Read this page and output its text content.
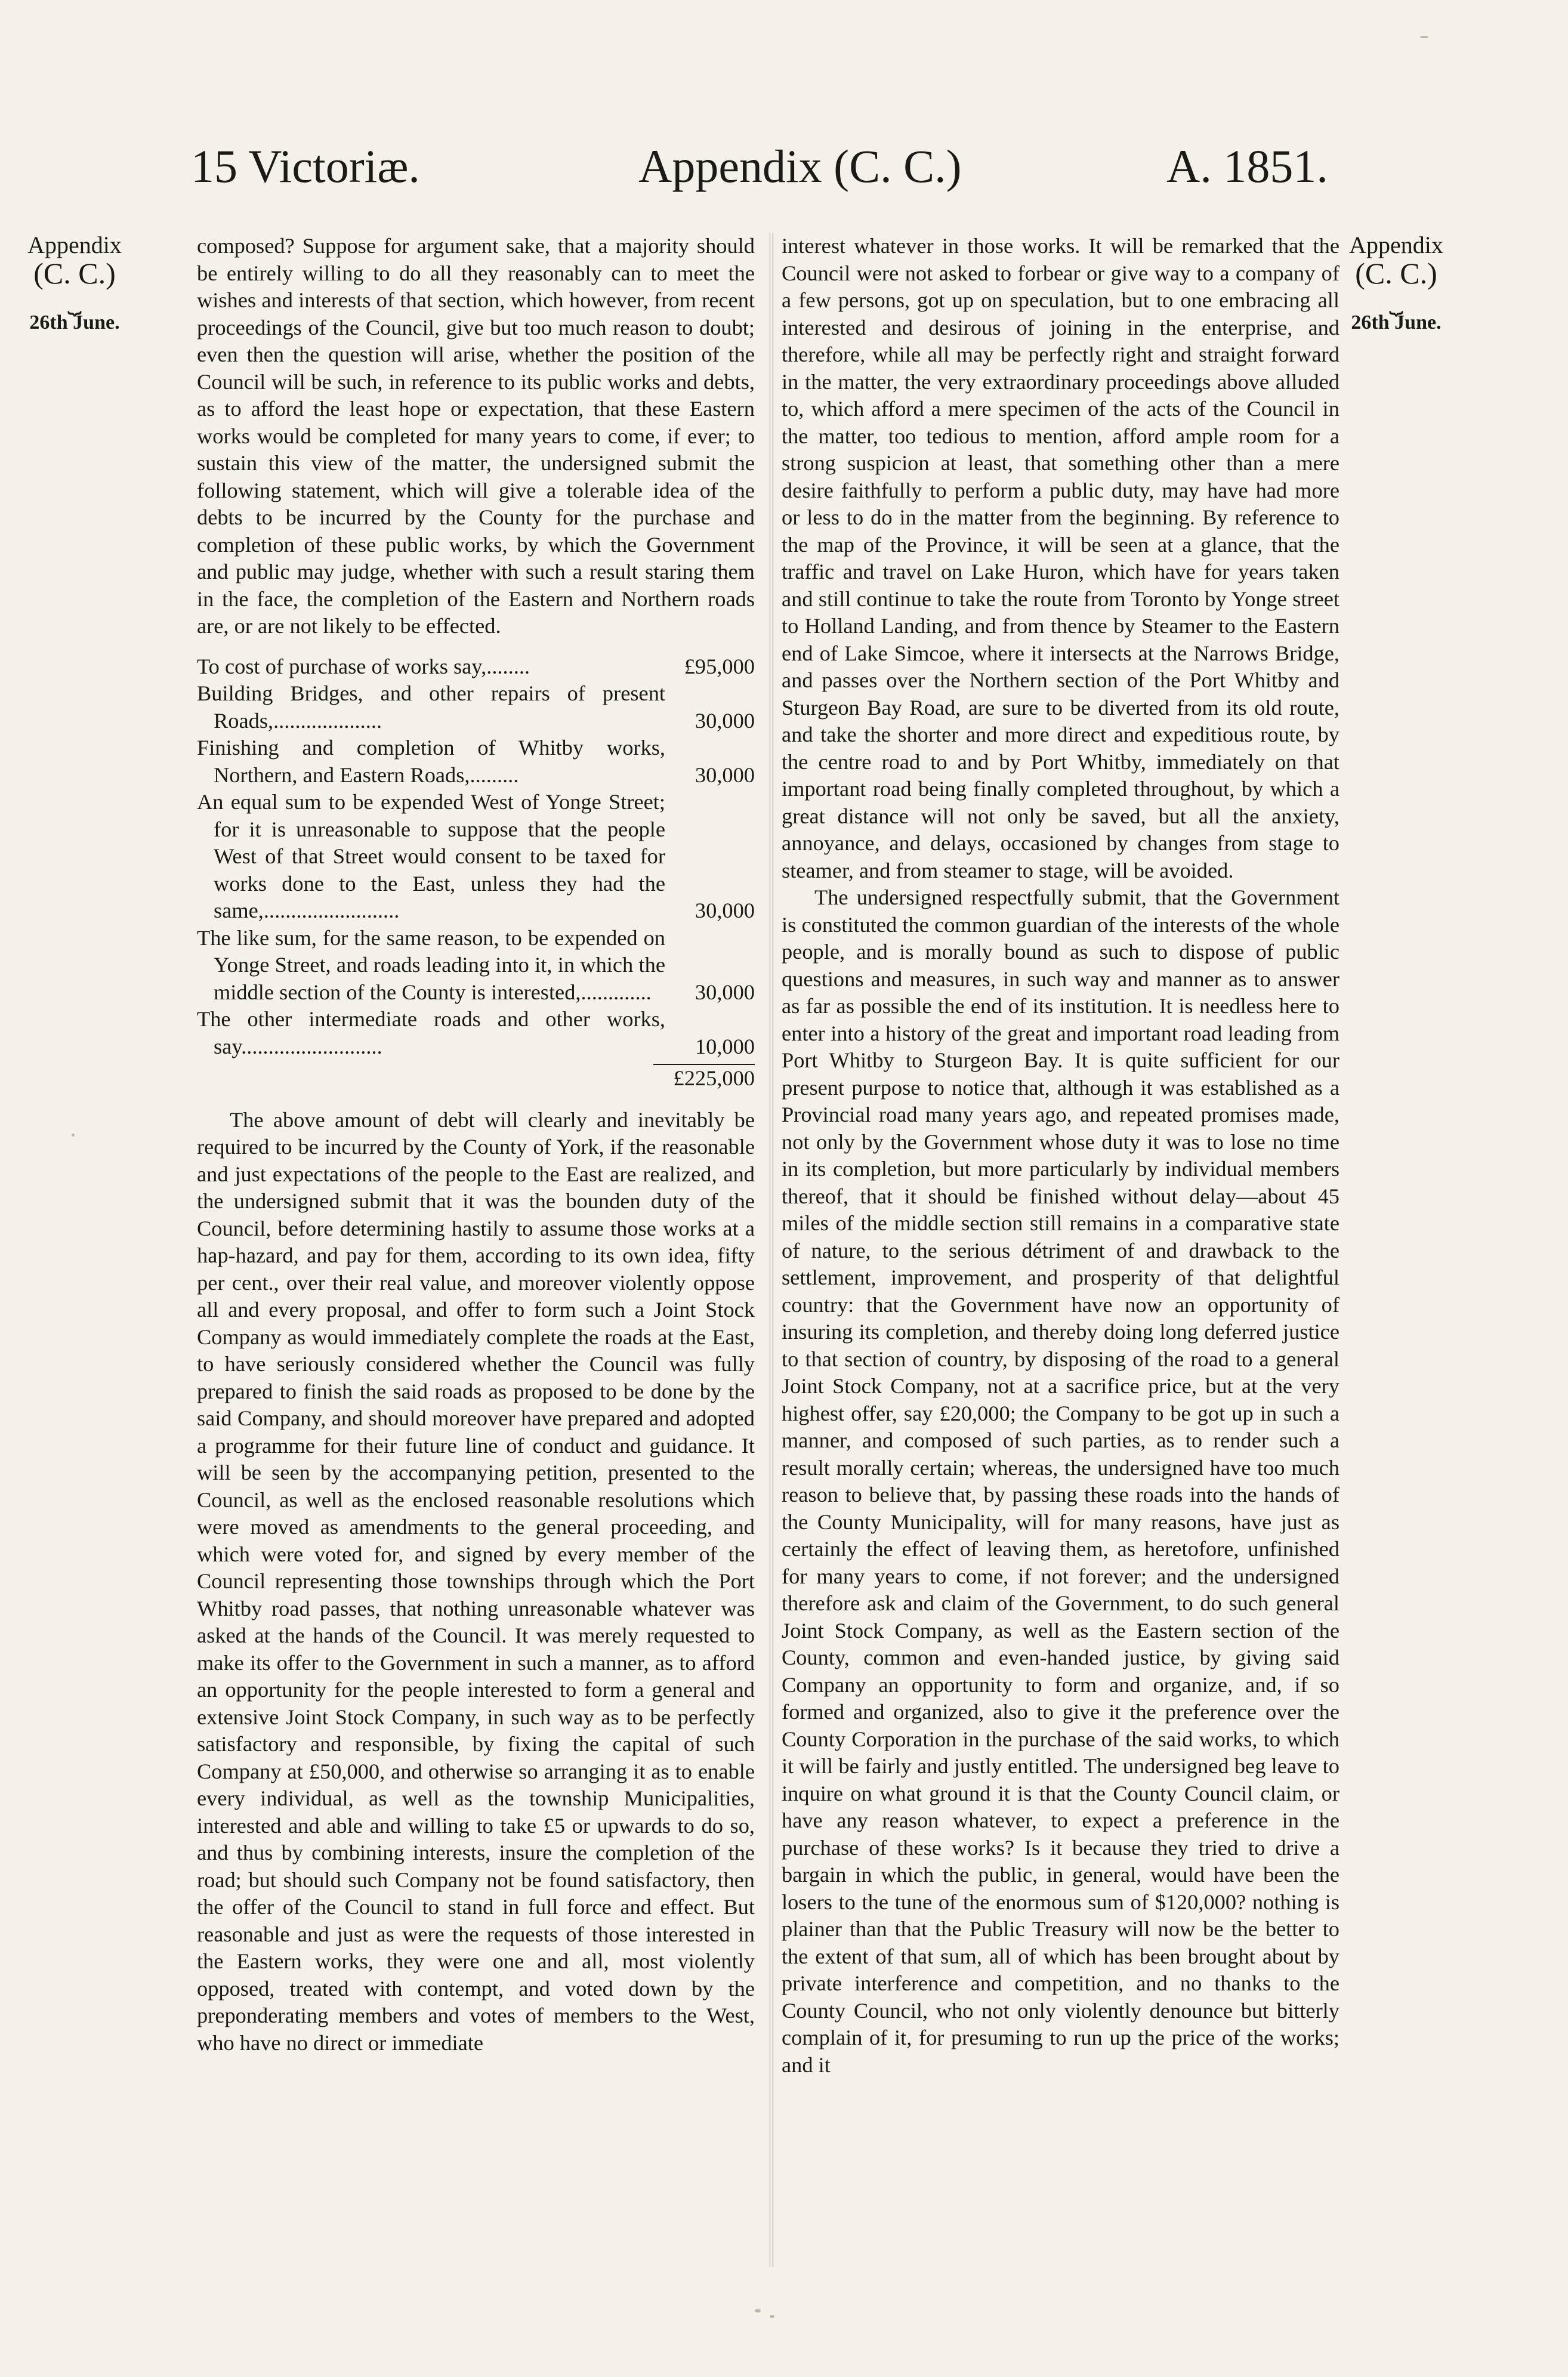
15 Victoriæ.	Appendix (C. C.)	A. 1851.
Appendix
(C. C.)
⏟
26th June.
Appendix
(C. C.)
⏟
26th June.

composed? Suppose for argument sake, that a majority should be entirely willing to do all they reasonably can to meet the wishes and interests of that section, which however, from recent proceedings of the Council, give but too much reason to doubt; even then the question will arise, whether the position of the Council will be such, in reference to its public works and debts, as to afford the least hope or expectation, that these Eastern works would be completed for many years to come, if ever; to sustain this view of the matter, the undersigned submit the following statement, which will give a tolerable idea of the debts to be incurred by the County for the purchase and completion of these public works, by which the Government and public may judge, whether with such a result staring them in the face, the completion of the Eastern and Northern roads are, or are not likely to be effected.

To cost of purchase of works say,........	£95,000
Building Bridges, and other repairs of present Roads,....................	30,000
Finishing and completion of Whitby works, Northern, and Eastern Roads,.........	30,000
An equal sum to be expended West of Yonge Street; for it is unreasonable to suppose that the people West of that Street would consent to be taxed for works done to the East, unless they had the same,.........................	30,000
The like sum, for the same reason, to be expended on Yonge Street, and roads leading into it, in which the middle section of the County is interested,.............	30,000
The other intermediate roads and other works, say..........................	10,000
£225,000

The above amount of debt will clearly and inevitably be required to be incurred by the County of York, if the reasonable and just expectations of the people to the East are realized, and the undersigned submit that it was the bounden duty of the Council, before determining hastily to assume those works at a hap-hazard, and pay for them, according to its own idea, fifty per cent., over their real value, and moreover violently oppose all and every proposal, and offer to form such a Joint Stock Company as would immediately complete the roads at the East, to have seriously considered whether the Council was fully prepared to finish the said roads as proposed to be done by the said Company, and should moreover have prepared and adopted a programme for their future line of conduct and guidance. It will be seen by the accompanying petition, presented to the Council, as well as the enclosed reasonable resolutions which were moved as amendments to the general proceeding, and which were voted for, and signed by every member of the Council representing those townships through which the Port Whitby road passes, that nothing unreasonable whatever was asked at the hands of the Council. It was merely requested to make its offer to the Government in such a manner, as to afford an opportunity for the people interested to form a general and extensive Joint Stock Company, in such way as to be perfectly satisfactory and responsible, by fixing the capital of such Company at £50,000, and otherwise so arranging it as to enable every individual, as well as the township Municipalities, interested and able and willing to take £5 or upwards to do so, and thus by combining interests, insure the completion of the road; but should such Company not be found satisfactory, then the offer of the Council to stand in full force and effect. But reasonable and just as were the requests of those interested in the Eastern works, they were one and all, most violently opposed, treated with contempt, and voted down by the preponderating members and votes of members to the West, who have no direct or immediate

interest whatever in those works. It will be remarked that the Council were not asked to forbear or give way to a company of a few persons, got up on speculation, but to one embracing all interested and desirous of joining in the enterprise, and therefore, while all may be perfectly right and straight forward in the matter, the very extraordinary proceedings above alluded to, which afford a mere specimen of the acts of the Council in the matter, too tedious to mention, afford ample room for a strong suspicion at least, that something other than a mere desire faithfully to perform a public duty, may have had more or less to do in the matter from the beginning. By reference to the map of the Province, it will be seen at a glance, that the traffic and travel on Lake Huron, which have for years taken and still continue to take the route from Toronto by Yonge street to Holland Landing, and from thence by Steamer to the Eastern end of Lake Simcoe, where it intersects at the Narrows Bridge, and passes over the Northern section of the Port Whitby and Sturgeon Bay Road, are sure to be diverted from its old route, and take the shorter and more direct and expeditious route, by the centre road to and by Port Whitby, immediately on that important road being finally completed throughout, by which a great distance will not only be saved, but all the anxiety, annoyance, and delays, occasioned by changes from stage to steamer, and from steamer to stage, will be avoided.

The undersigned respectfully submit, that the Government is constituted the common guardian of the interests of the whole people, and is morally bound as such to dispose of public questions and measures, in such way and manner as to answer as far as possible the end of its institution. It is needless here to enter into a history of the great and important road leading from Port Whitby to Sturgeon Bay. It is quite sufficient for our present purpose to notice that, although it was established as a Provincial road many years ago, and repeated promises made, not only by the Government whose duty it was to lose no time in its completion, but more particularly by individual members thereof, that it should be finished without delay—about 45 miles of the middle section still remains in a comparative state of nature, to the serious détriment of and drawback to the settlement, improvement, and prosperity of that delightful country: that the Government have now an opportunity of insuring its completion, and thereby doing long deferred justice to that section of country, by disposing of the road to a general Joint Stock Company, not at a sacrifice price, but at the very highest offer, say £20,000; the Company to be got up in such a manner, and composed of such parties, as to render such a result morally certain; whereas, the undersigned have too much reason to believe that, by passing these roads into the hands of the County Municipality, will for many reasons, have just as certainly the effect of leaving them, as heretofore, unfinished for many years to come, if not forever; and the undersigned therefore ask and claim of the Government, to do such general Joint Stock Company, as well as the Eastern section of the County, common and even-handed justice, by giving said Company an opportunity to form and organize, and, if so formed and organized, also to give it the preference over the County Corporation in the purchase of the said works, to which it will be fairly and justly entitled. The undersigned beg leave to inquire on what ground it is that the County Council claim, or have any reason whatever, to expect a preference in the purchase of these works? Is it because they tried to drive a bargain in which the public, in general, would have been the losers to the tune of the enormous sum of $120,000? nothing is plainer than that the Public Treasury will now be the better to the extent of that sum, all of which has been brought about by private interference and competition, and no thanks to the County Council, who not only violently denounce but bitterly complain of it, for presuming to run up the price of the works; and it
